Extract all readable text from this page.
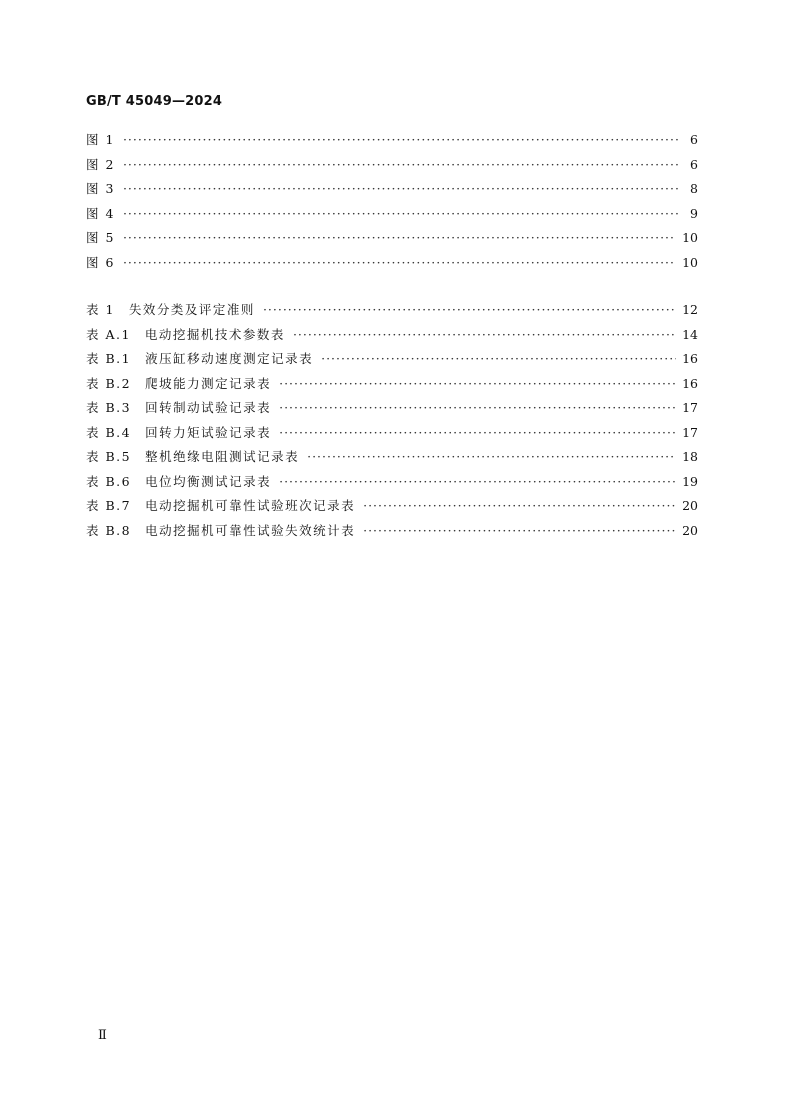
GB/T 45049—2024
图 1 ·····	6
图 2 ·····	6
图 3 ·····	8
图 4 ·····	9
图 5 ·····	10
图 6 ·····	10
表 1　失效分类及评定准则 ·····	12
表 A.1　电动挖掘机技术参数表 ·····	14
表 B.1　液压缸移动速度测定记录表 ·····	16
表 B.2　爬坡能力测定记录表 ·····	16
表 B.3　回转制动试验记录表 ·····	17
表 B.4　回转力矩试验记录表 ·····	17
表 B.5　整机绝缘电阻测试记录表 ·····	18
表 B.6　电位均衡测试记录表 ·····	19
表 B.7　电动挖掘机可靠性试验班次记录表 ·····	20
表 B.8　电动挖掘机可靠性试验失效统计表 ·····	20
Ⅱ
